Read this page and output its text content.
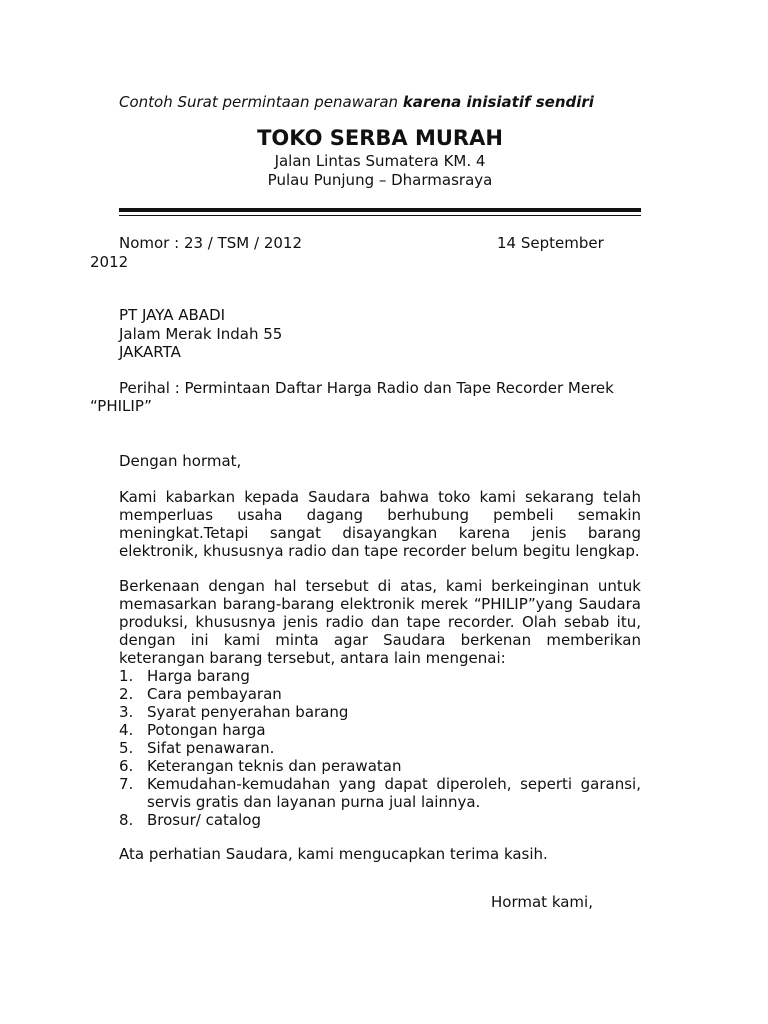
Contoh Surat permintaan penawaran karena inisiatif sendiri
TOKO SERBA MURAH
Jalan Lintas Sumatera KM. 4
Pulau Punjung – Dharmasraya
Nomor : 23 / TSM / 2012	14 September
2012
PT JAYA ABADI
Jalam Merak Indah 55
JAKARTA
Perihal : Permintaan Daftar Harga Radio dan Tape Recorder Merek
“PHILIP”
Dengan hormat,
Kami kabarkan kepada Saudara bahwa toko kami sekarang telah memperluas usaha dagang berhubung pembeli semakin meningkat.Tetapi sangat disayangkan karena jenis barang elektronik, khususnya radio dan tape recorder belum begitu lengkap.
Berkenaan dengan hal tersebut di atas, kami berkeinginan untuk memasarkan barang-barang elektronik merek “PHILIP”yang Saudara produksi, khususnya jenis radio dan tape recorder. Olah sebab itu, dengan ini kami minta agar Saudara berkenan memberikan keterangan barang tersebut, antara lain mengenai:
1. Harga barang
2. Cara pembayaran
3. Syarat penyerahan barang
4. Potongan harga
5. Sifat penawaran.
6. Keterangan teknis dan perawatan
7. Kemudahan-kemudahan yang dapat diperoleh, seperti garansi, servis gratis dan layanan purna jual lainnya.
8. Brosur/ catalog
Ata perhatian Saudara, kami mengucapkan terima kasih.
Hormat kami,
